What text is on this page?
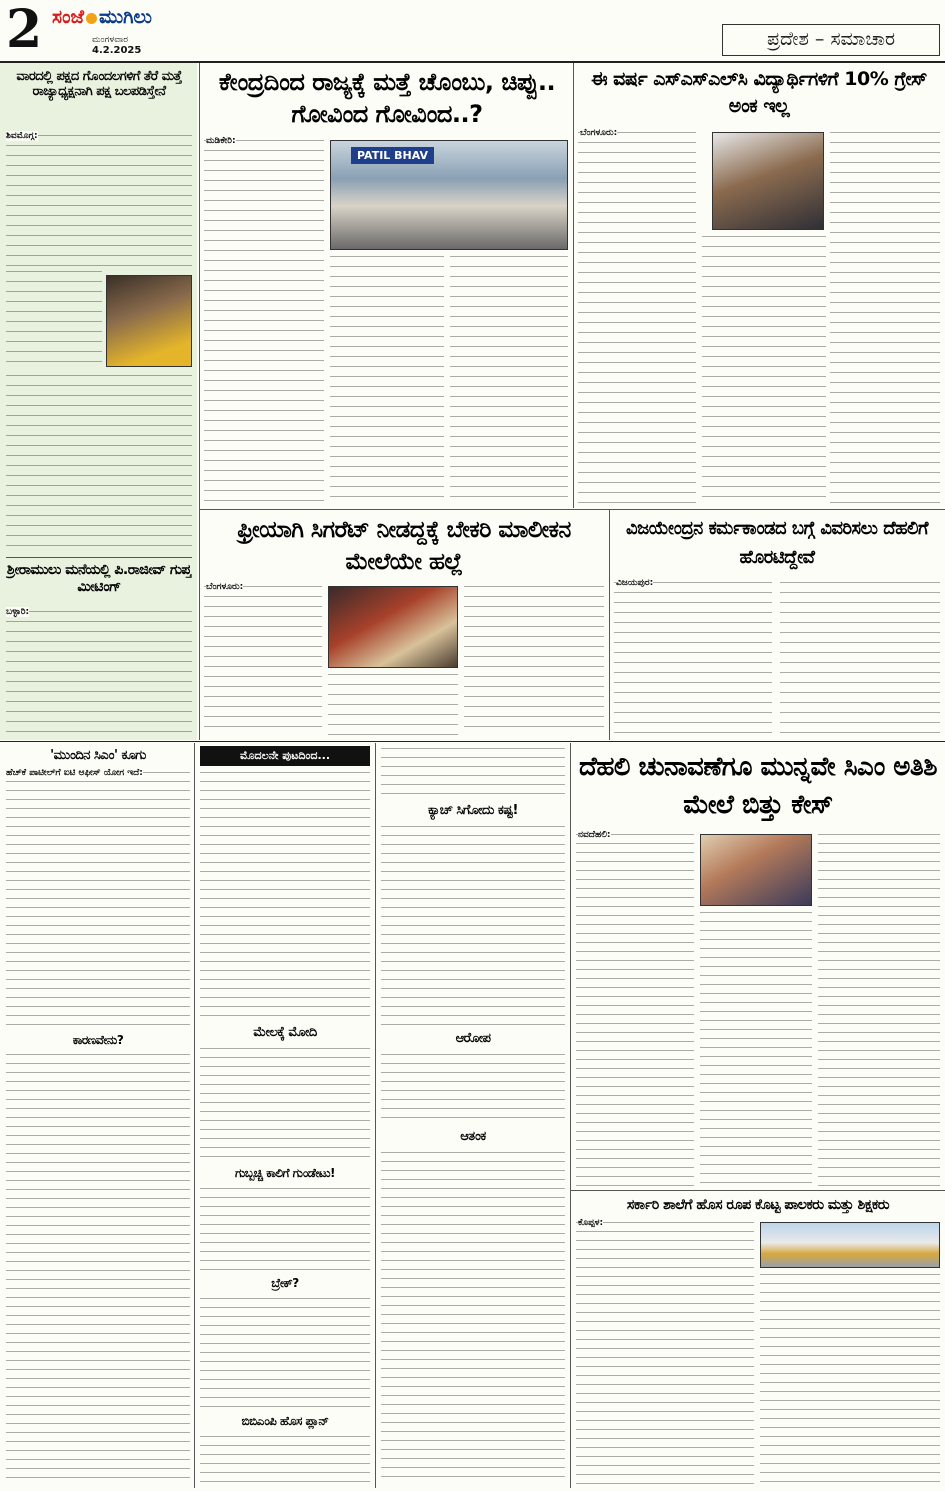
2 ಸಂಜೆ ಮುಗಿಲು
ಮಂಗಳವಾರ
4.2.2025
ಪ್ರದೇಶ – ಸಮಾಚಾರ
ವಾರದಲ್ಲಿ ಪಕ್ಷದ ಗೊಂದಲಗಳಿಗೆ ತೆರೆ ಮತ್ತೆ ರಾಜ್ಯಾಧ್ಯಕ್ಷನಾಗಿ ಪಕ್ಷ ಬಲಪಡಿಸ್ತೇನೆ
ಶಿವಮೊಗ್ಗ:
ಶ್ರೀರಾಮುಲು ಮನೆಯಲ್ಲಿ ಪಿ.ರಾಜೀವ್ ಗುಪ್ತ ಮೀಟಿಂಗ್
ಬಳ್ಳಾರಿ:
ಕೇಂದ್ರದಿಂದ ರಾಜ್ಯಕ್ಕೆ ಮತ್ತೆ ಚೊಂಬು, ಚಿಪ್ಪು.. ಗೋವಿಂದ ಗೋವಿಂದ..?
ಮಡಿಕೇರಿ:
PATIL BHAV
ಈ ವರ್ಷ ಎಸ್ಎಸ್ಎಲ್‌ಸಿ ವಿದ್ಯಾರ್ಥಿಗಳಿಗೆ 10% ಗ್ರೇಸ್ ಅಂಕ ಇಲ್ಲ
ಬೆಂಗಳೂರು:
ಫ್ರೀಯಾಗಿ ಸಿಗರೆಟ್ ನೀಡದ್ದಕ್ಕೆ ಬೇಕರಿ ಮಾಲೀಕನ ಮೇಲೆಯೇ ಹಲ್ಲೆ
ಬೆಂಗಳೂರು:
ವಿಜಯೇಂದ್ರನ ಕರ್ಮಕಾಂಡದ ಬಗ್ಗೆ ವಿವರಿಸಲು ದೆಹಲಿಗೆ ಹೊರಟಿದ್ದೇವೆ
ವಿಜಯಪುರ:
'ಮುಂದಿನ ಸಿಎಂ' ಕೂಗು
ಹೆಚ್‌ಕೆ ಪಾಟೀಲ್‌ಗೆ ಐಟಿ ಆಫೀಸ್ ಯೋಗ ಇದೆ:
ಕಾರಣವೇನು?
ಮೊದಲನೇ ಪುಟದಿಂದ...
ಮೇಲಕ್ಕೆ ಮೋದಿ
ಗುಬ್ಬಚ್ಚಿ ಕಾಲಿಗೆ ಗುಂಡೇಟು!
ಬ್ರೇಕ್?
ಬಿಬಿಎಂಪಿ ಹೊಸ ಪ್ಲಾನ್
ಕ್ಯಾಚ್ ಸಿಗೋದು ಕಷ್ಟ!
ಆರೋಪ
ಆತಂಕ
ದೆಹಲಿ ಚುನಾವಣೆಗೂ ಮುನ್ನವೇ ಸಿಎಂ ಅತಿಶಿ ಮೇಲೆ ಬಿತ್ತು ಕೇಸ್
ನವದೆಹಲಿ:
ಸರ್ಕಾರಿ ಶಾಲೆಗೆ ಹೊಸ ರೂಪ ಕೊಟ್ಟ ಪಾಲಕರು ಮತ್ತು ಶಿಕ್ಷಕರು
ಕೊಪ್ಪಳ:
